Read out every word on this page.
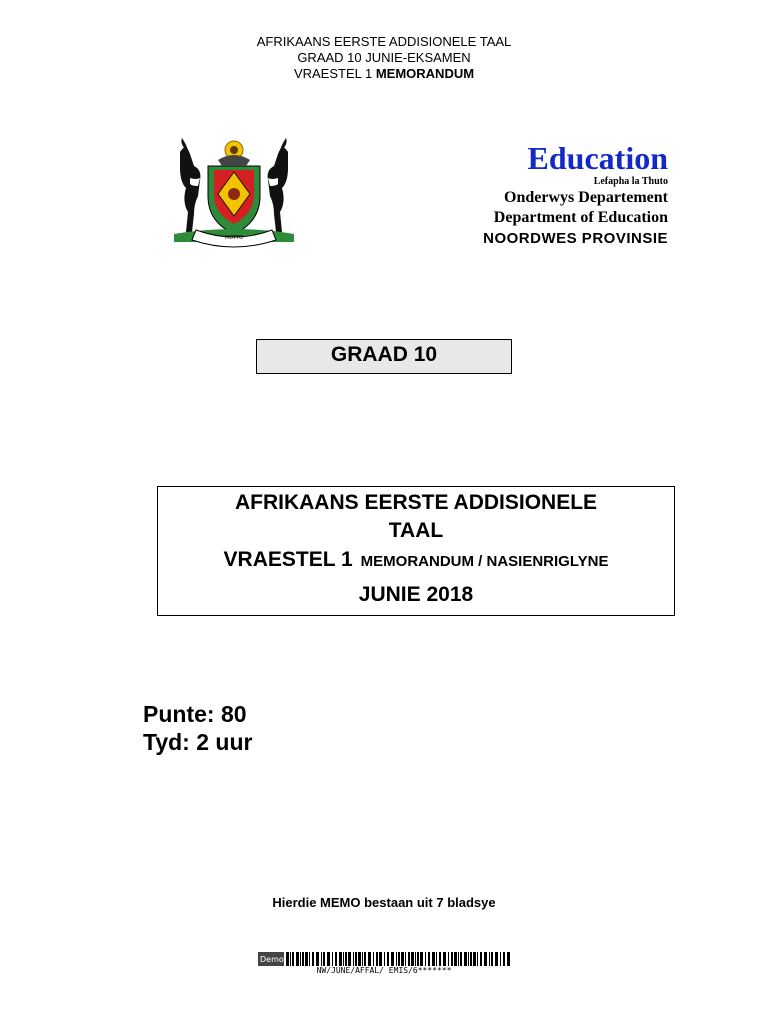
AFRIKAANS EERSTE ADDISIONELE TAAL
GRAAD 10 JUNIE-EKSAMEN
VRAESTEL 1 MEMORANDUM
MOTTO
Education
Lefapha la Thuto
Onderwys Departement
Department of Education
NOORDWES PROVINSIE
GRAAD 10
AFRIKAANS EERSTE ADDISIONELE
TAAL
VRAESTEL 1 MEMORANDUM / NASIENRIGLYNE
JUNIE 2018
Punte: 80
Tyd: 2 uur
Hierdie MEMO bestaan uit 7 bladsye
Demo
NW/JUNE/AFFAL/ EMIS/6*******
